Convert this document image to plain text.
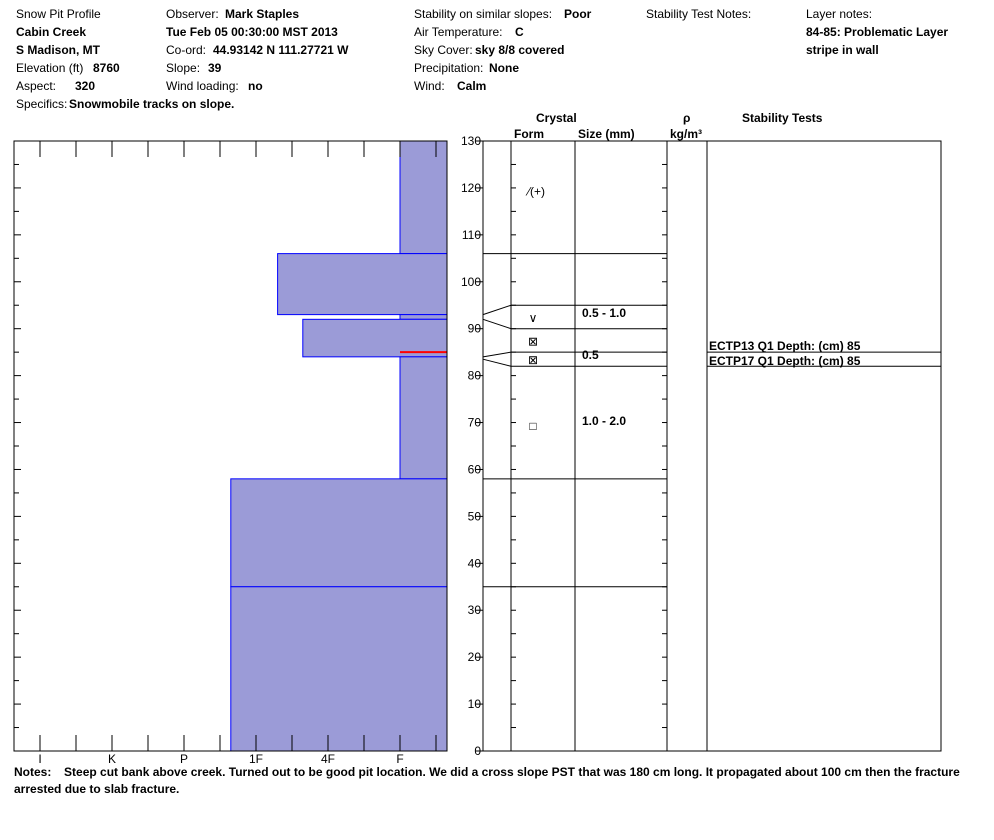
Snow Pit Profile
Cabin Creek
S Madison, MT
Elevation (ft) 8760
Aspect: 320
Specifics: Snowmobile tracks on slope.
Observer: Mark Staples
Tue Feb 05 00:30:00 MST 2013
Co-ord: 44.93142 N 111.27721 W
Slope: 39
Wind loading: no
Stability on similar slopes: Poor
Air Temperature: C
Sky Cover: sky 8/8 covered
Precipitation: None
Wind: Calm
Stability Test Notes:	Layer notes:
84-85: Problematic Layer
stripe in wall
Crystal
Form	Size (mm)
ρ
kg/m³
Stability Tests
I	K	P	1F	4F	F
0
10
20
30
40
50
60
70
80
90
100
110
120
130
⁄(+)
∨	0.5 - 1.0
⊠
⊠	0.5
□	1.0 - 2.0
ECTP13 Q1 Depth: (cm) 85
ECTP17 Q1 Depth: (cm) 85
Notes: Steep cut bank above creek. Turned out to be good pit location. We did a cross slope PST that was 180 cm long. It propagated about 100 cm then the fracture arrested due to slab fracture.
